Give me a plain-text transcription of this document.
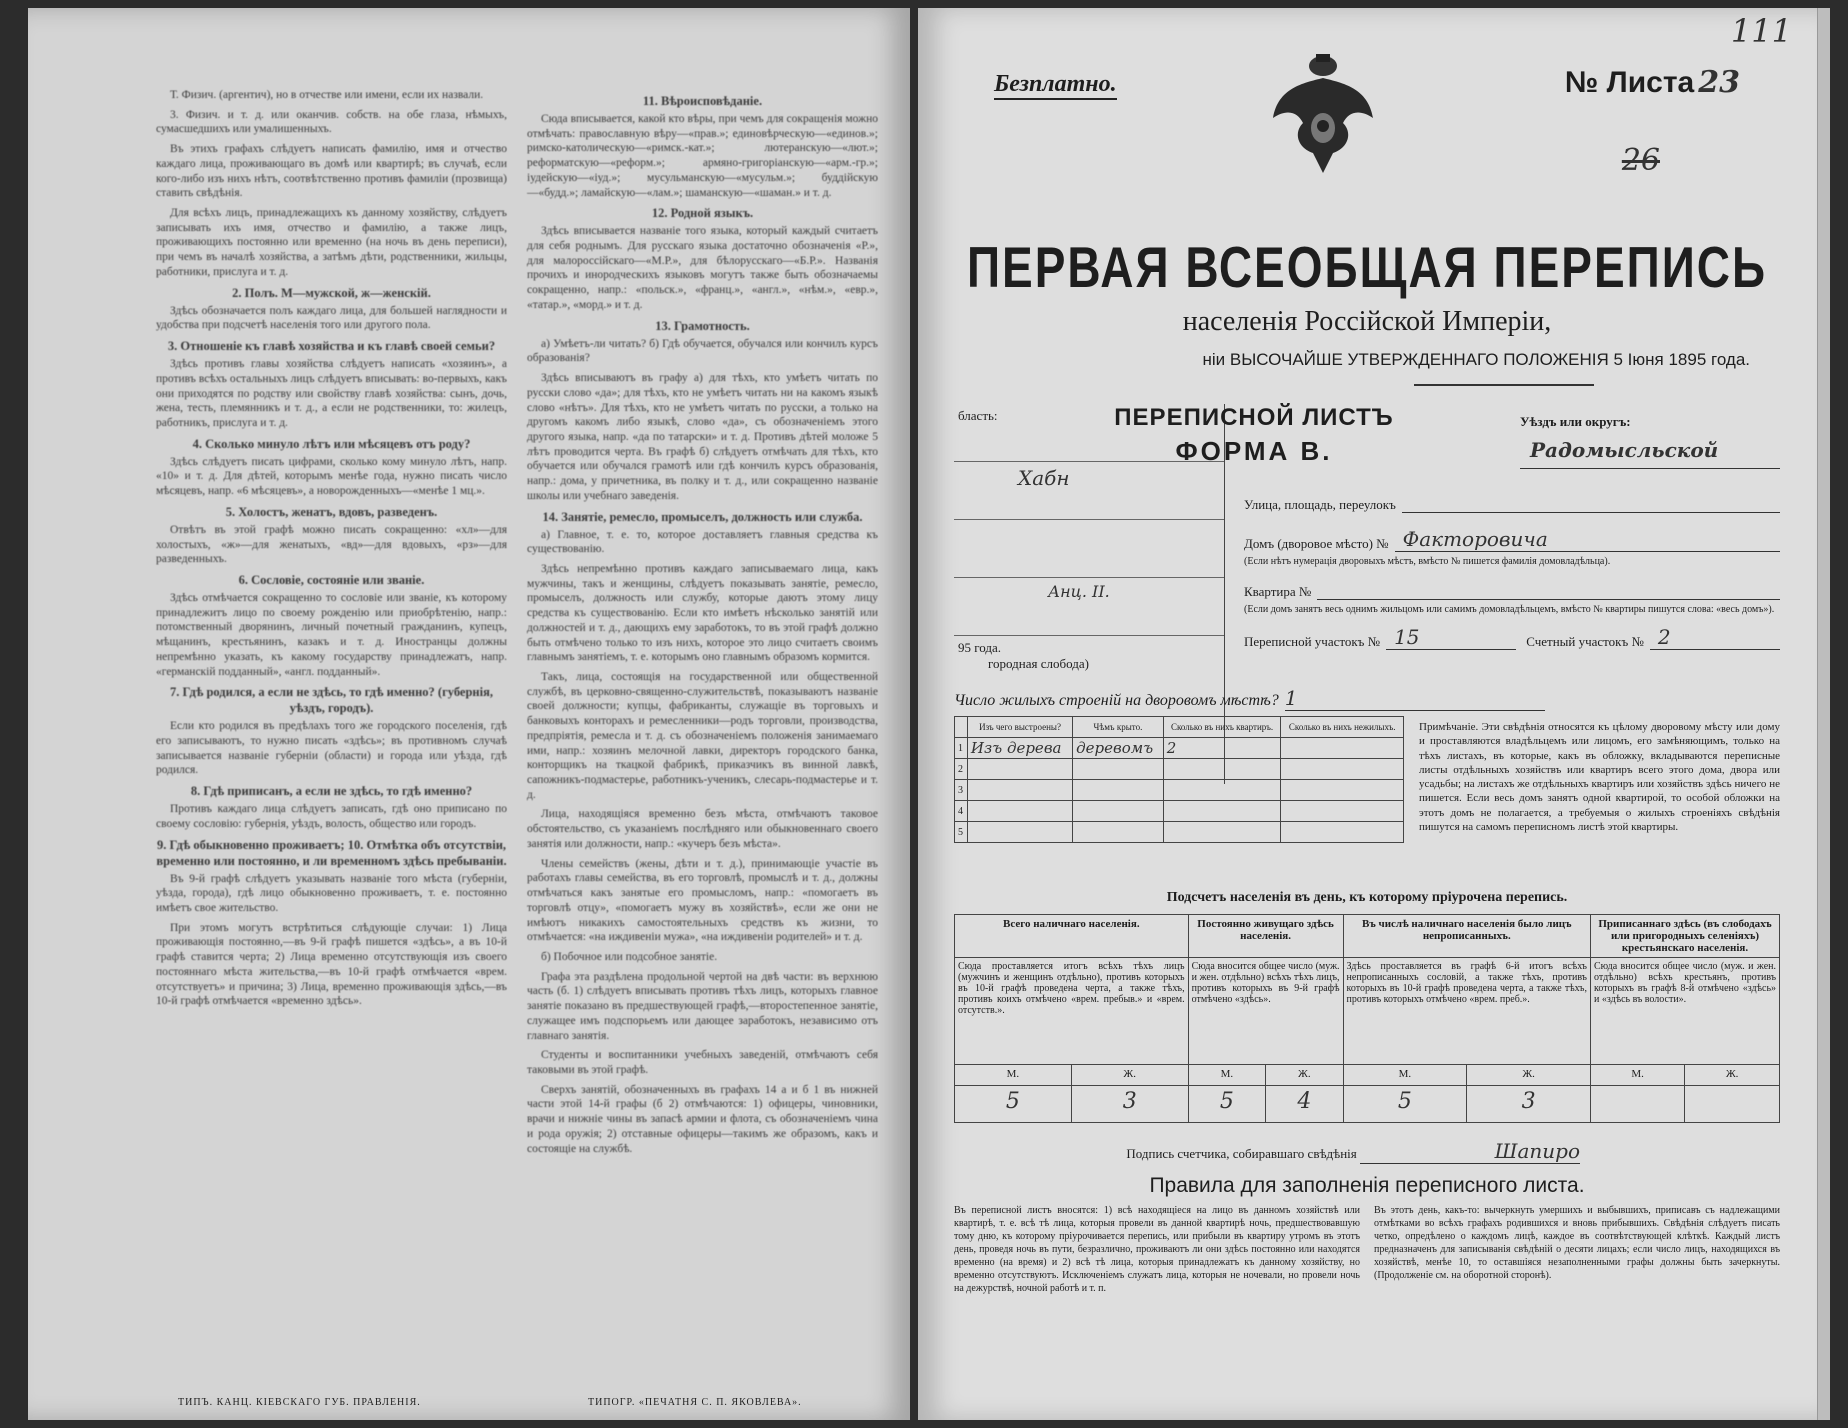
Т. Физич. (аргентич), но в отчестве или имени, если их назвали.

3. Физич. и т. д. или оканчив. собств. на обе глаза, нѣмыхъ, сумасшедшихъ или умалишенныхъ.

Въ этихъ графахъ слѣдуетъ написать фамилію, имя и отчество каждаго лица, проживающаго въ домѣ или квартирѣ; въ случаѣ, если кого-либо изъ нихъ нѣтъ, соотвѣтственно противъ фамиліи (прозвища) ставить свѣдѣнія.

Для всѣхъ лицъ, принадлежащихъ къ данному хозяйству, слѣдуетъ записывать ихъ имя, отчество и фамилію, а также лицъ, проживающихъ постоянно или временно (на ночь въ день переписи), при чемъ въ началѣ хозяйства, а затѣмъ дѣти, родственники, жильцы, работники, прислуга и т. д.

2. Полъ. М—мужской, ж—женскій.

Здѣсь обозначается полъ каждаго лица, для большей наглядности и удобства при подсчетѣ населенія того или другого пола.

3. Отношеніе къ главѣ хозяйства и къ главѣ своей семьи?

Здѣсь противъ главы хозяйства слѣдуетъ написать «хозяинъ», а противъ всѣхъ остальныхъ лицъ слѣдуетъ вписывать: во-первыхъ, какъ они приходятся по родству или свойству главѣ хозяйства: сынъ, дочь, жена, тесть, племянникъ и т. д., а если не родственники, то: жилецъ, работникъ, прислуга и т. д.

4. Сколько минуло лѣтъ или мѣсяцевъ отъ роду?

Здѣсь слѣдуетъ писать цифрами, сколько кому минуло лѣтъ, напр. «10» и т. д. Для дѣтей, которымъ менѣе года, нужно писать число мѣсяцевъ, напр. «6 мѣсяцевъ», а новорожденныхъ—«менѣе 1 мц.».

5. Холостъ, женатъ, вдовъ, разведенъ.

Отвѣтъ въ этой графѣ можно писать сокращенно: «хл»—для холостыхъ, «ж»—для женатыхъ, «вд»—для вдовыхъ, «рз»—для разведенныхъ.

6. Сословіе, состояніе или званіе.

Здѣсь отмѣчается сокращенно то сословіе или званіе, къ которому принадлежитъ лицо по своему рожденію или приобрѣтенію, напр.: потомственный дворянинъ, личный почетный гражданинъ, купецъ, мѣщанинъ, крестьянинъ, казакъ и т. д. Иностранцы должны непремѣнно указать, къ какому государству принадлежатъ, напр. «германскій подданный», «англ. подданный».

7. Гдѣ родился, а если не здѣсь, то гдѣ именно? (губернія, уѣздъ, городъ).

Если кто родился въ предѣлахъ того же городского поселенія, гдѣ его записываютъ, то нужно писать «здѣсь»; въ противномъ случаѣ записывается названіе губерніи (области) и города или уѣзда, гдѣ родился.

8. Гдѣ приписанъ, а если не здѣсь, то гдѣ именно?

Противъ каждаго лица слѣдуетъ записать, гдѣ оно приписано по своему сословію: губернія, уѣздъ, волость, общество или городъ.

9. Гдѣ обыкновенно проживаетъ; 10. Отмѣтка объ отсутствіи, временно или постоянно, и ли временномъ здѣсь пребываніи.

Въ 9-й графѣ слѣдуетъ указывать названіе того мѣста (губерніи, уѣзда, города), гдѣ лицо обыкновенно проживаетъ, т. е. постоянно имѣетъ свое жительство.

При этомъ могутъ встрѣтиться слѣдующіе случаи: 1) Лица проживающія постоянно,—въ 9-й графѣ пишется «здѣсь», а въ 10-й графѣ ставится черта; 2) Лица временно отсутствующія изъ своего постояннаго мѣста жительства,—въ 10-й графѣ отмѣчается «врем. отсутствуетъ» и причина; 3) Лица, временно проживающія здѣсь,—въ 10-й графѣ отмѣчается «временно здѣсь».

11. Вѣроисповѣданіе.

Сюда вписывается, какой кто вѣры, при чемъ для сокращенія можно отмѣчать: православную вѣру—«прав.»; единовѣрческую—«единов.»; римско-католическую—«римск.-кат.»; лютеранскую—«лют.»; реформатскую—«реформ.»; армяно-григоріанскую—«арм.-гр.»; іудейскую—«іуд.»; мусульманскую—«мусульм.»; буддійскую—«будд.»; ламайскую—«лам.»; шаманскую—«шаман.» и т. д.

12. Родной языкъ.

Здѣсь вписывается названіе того языка, который каждый считаетъ для себя роднымъ. Для русскаго языка достаточно обозначенія «Р.», для малороссійскаго—«М.Р.», для бѣлорусскаго—«Б.Р.». Названія прочихъ и инородческихъ языковъ могутъ также быть обозначаемы сокращенно, напр.: «польск.», «франц.», «англ.», «нѣм.», «евр.», «татар.», «морд.» и т. д.

13. Грамотность.

а) Умѣетъ-ли читать? б) Гдѣ обучается, обучался или кончилъ курсъ образованія?

Здѣсь вписываютъ въ графу а) для тѣхъ, кто умѣетъ читать по русски слово «да»; для тѣхъ, кто не умѣетъ читать ни на какомъ языкѣ слово «нѣтъ». Для тѣхъ, кто не умѣетъ читать по русски, а только на другомъ какомъ либо языкѣ, слово «да», съ обозначеніемъ этого другого языка, напр. «да по татарски» и т. д. Противъ дѣтей моложе 5 лѣтъ проводится черта. Въ графѣ б) слѣдуетъ отмѣчать для тѣхъ, кто обучается или обучался грамотѣ или гдѣ кончилъ курсъ образованія, напр.: дома, у причетника, въ полку и т. д., или сокращенно названіе школы или учебнаго заведенія.

14. Занятіе, ремесло, промыселъ, должность или служба.

а) Главное, т. е. то, которое доставляетъ главныя средства къ существованію.

Здѣсь непремѣнно противъ каждаго записываемаго лица, какъ мужчины, такъ и женщины, слѣдуетъ показывать занятіе, ремесло, промыселъ, должность или службу, которые даютъ этому лицу средства къ существованію. Если кто имѣетъ нѣсколько занятій или должностей и т. д., дающихъ ему заработокъ, то въ этой графѣ должно быть отмѣчено только то изъ нихъ, которое это лицо считаетъ своимъ главнымъ занятіемъ, т. е. которымъ оно главнымъ образомъ кормится.

Такъ, лица, состоящія на государственной или общественной службѣ, въ церковно-священно-служительствѣ, показываютъ названіе своей должности; купцы, фабриканты, служащіе въ торговыхъ и банковыхъ конторахъ и ремесленники—родъ торговли, производства, предпріятія, ремесла и т. д. съ обозначеніемъ положенія занимаемаго ими, напр.: хозяинъ мелочной лавки, директоръ городского банка, конторщикъ на ткацкой фабрикѣ, приказчикъ въ винной лавкѣ, сапожникъ-подмастерье, работникъ-ученикъ, слесарь-подмастерье и т. д.

Лица, находящіяся временно безъ мѣста, отмѣчаютъ таковое обстоятельство, съ указаніемъ послѣдняго или обыкновеннаго своего занятія или должности, напр.: «кучеръ безъ мѣста».

Члены семействъ (жены, дѣти и т. д.), принимающіе участіе въ работахъ главы семейства, въ его торговлѣ, промыслѣ и т. д., должны отмѣчаться какъ занятые его промысломъ, напр.: «помогаетъ въ торговлѣ отцу», «помогаетъ мужу въ хозяйствѣ», если же они не имѣютъ никакихъ самостоятельныхъ средствъ къ жизни, то отмѣчается: «на иждивеніи мужа», «на иждивеніи родителей» и т. д.

б) Побочное или подсобное занятіе.

Графа эта раздѣлена продольной чертой на двѣ части: въ верхнюю часть (б. 1) слѣдуетъ вписывать противъ тѣхъ лицъ, которыхъ главное занятіе показано въ предшествующей графѣ,—второстепенное занятіе, служащее имъ подспорьемъ или дающее заработокъ, независимо отъ главнаго занятія.

Студенты и воспитанники учебныхъ заведеній, отмѣчаютъ себя таковыми въ этой графѣ.

Сверхъ занятій, обозначенныхъ въ графахъ 14 а и б 1 въ нижней части этой 14-й графы (б 2) отмѣчаются: 1) офицеры, чиновники, врачи и нижніе чины въ запасѣ армии и флота, съ обозначеніемъ чина и рода оружія; 2) отставные офицеры—такимъ же образомъ, какъ и состоящіе на службѣ.

ТИПЪ. КАНЦ. КІЕВСКАГО ГУБ. ПРАВЛЕНІЯ.	ТИПОГР. «ПЕЧАТНЯ С. П. ЯКОВЛЕВА».
111
Безплатно.	№ Листа 23
26
ПЕРВАЯ ВСЕОБЩАЯ ПЕРЕПИСЬ
населенія Россійской Имперіи,
ніи ВЫСОЧАЙШЕ УТВЕРЖДЕННАГО ПОЛОЖЕНІЯ 5 Іюня 1895 года.
бласть:
Хабн
Анц. II.
95 года.
городная слобода)
ПЕРЕПИСНОЙ ЛИСТЪ
ФОРМА В.
Уѣздъ или округъ:
Радомысльской
Улица, площадь, переулокъ
Домъ (дворовое мѣсто) № Факторовича
(Если нѣтъ нумерація дворовыхъ мѣстъ, вмѣсто № пишется фамилія домовладѣльца).
Квартира №
(Если домъ занятъ весь однимъ жильцомъ или самимъ домовладѣльцемъ, вмѣсто № квартиры пишутся слова: «весь домъ»).
Переписной участокъ № 15	Счетный участокъ № 2
Число жилыхъ строеній на дворовомъ мѣстѣ? 1
	Изъ чего выстроены?	Чѣмъ крыто.	Сколько въ нихъ квартиръ.	Сколько въ нихъ нежилыхъ.
1	Изъ дерева	деревомъ	2	
2				
3				
4				
5				
Примѣчаніе. Эти свѣдѣнія относятся къ цѣлому дворовому мѣсту или дому и проставляются владѣльцемъ или лицомъ, его замѣняющимъ, только на тѣхъ листахъ, въ которые, какъ въ обложку, вкладываются переписные листы отдѣльныхъ хозяйствъ или квартиръ всего этого дома, двора или усадьбы; на листахъ же отдѣльныхъ квартиръ или хозяйствъ здѣсь ничего не пишется. Если весь домъ занятъ одной квартирой, то особой обложки на этотъ домъ не полагается, а требуемыя о жилыхъ строеніяхъ свѣдѣнія пишутся на самомъ переписномъ листѣ этой квартиры.
Подсчетъ населенія въ день, къ которому пріурочена перепись.
Всего наличнаго населенія.		Постоянно живущаго здѣсь населенія.		Въ числѣ наличнаго населенія было лицъ непрописанныхъ.		Приписаннаго здѣсь (въ слободахъ или пригородныхъ селеніяхъ) крестьянскаго населенія.	
Сюда проставляется итогъ всѣхъ тѣхъ лицъ (мужчинъ и женщинъ отдѣльно), противъ которыхъ въ 10-й графѣ проведена черта, а также тѣхъ, противъ коихъ отмѣчено «врем. пребыв.» и «врем. отсутств.».		Сюда вносится общее число (муж. и жен. отдѣльно) всѣхъ тѣхъ лицъ, противъ которыхъ въ 9-й графѣ отмѣчено «здѣсь».		Здѣсь проставляется въ графѣ 6-й итогъ всѣхъ непрописанныхъ сословій, а также тѣхъ, противъ которыхъ въ 10-й графѣ проведена черта, а также тѣхъ, противъ которыхъ отмѣчено «врем. преб.».		Сюда вносится общее число (муж. и жен. отдѣльно) всѣхъ крестьянъ, противъ которыхъ въ графѣ 8-й отмѣчено «здѣсь» и «здѣсь въ волости».	
М.	Ж.	М.	Ж.	М.	Ж.	М.	Ж.
5	3	5	4	5	3		
Подпись счетчика, собиравшаго свѣдѣнія	Шапиро
Правила для заполненія переписного листа.
Въ переписной листъ вносятся: 1) всѣ находящіеся на лицо въ данномъ хозяйствѣ или квартирѣ, т. е. всѣ тѣ лица, которыя провели въ данной квартирѣ ночь, предшествовавшую тому дню, къ которому пріурочивается перепись, или прибыли въ квартиру утромъ въ этотъ день, проведя ночь въ пути, безразлично, проживаютъ ли они здѣсь постоянно или находятся временно (на время) и 2) всѣ тѣ лица, которыя принадлежатъ къ данному хозяйству, но временно отсутствуютъ. Исключеніемъ служатъ лица, которыя не ночевали, но провели ночь на дежурствѣ, ночной работѣ и т. п.
Въ этотъ день, какъ-то: вычеркнуть умершихъ и выбывшихъ, приписавъ съ надлежащими отмѣтками во всѣхъ графахъ родившихся и вновь прибывшихъ. Свѣдѣнія слѣдуетъ писать четко, опредѣлено о каждомъ лицѣ, каждое въ соотвѣтствующей клѣткѣ. Каждый листъ предназначенъ для записыванія свѣдѣній о десяти лицахъ; если число лицъ, находящихся въ хозяйствѣ, менѣе 10, то оставшіяся незаполненными графы должны быть зачеркнуты. (Продолженіе см. на оборотной сторонѣ).
